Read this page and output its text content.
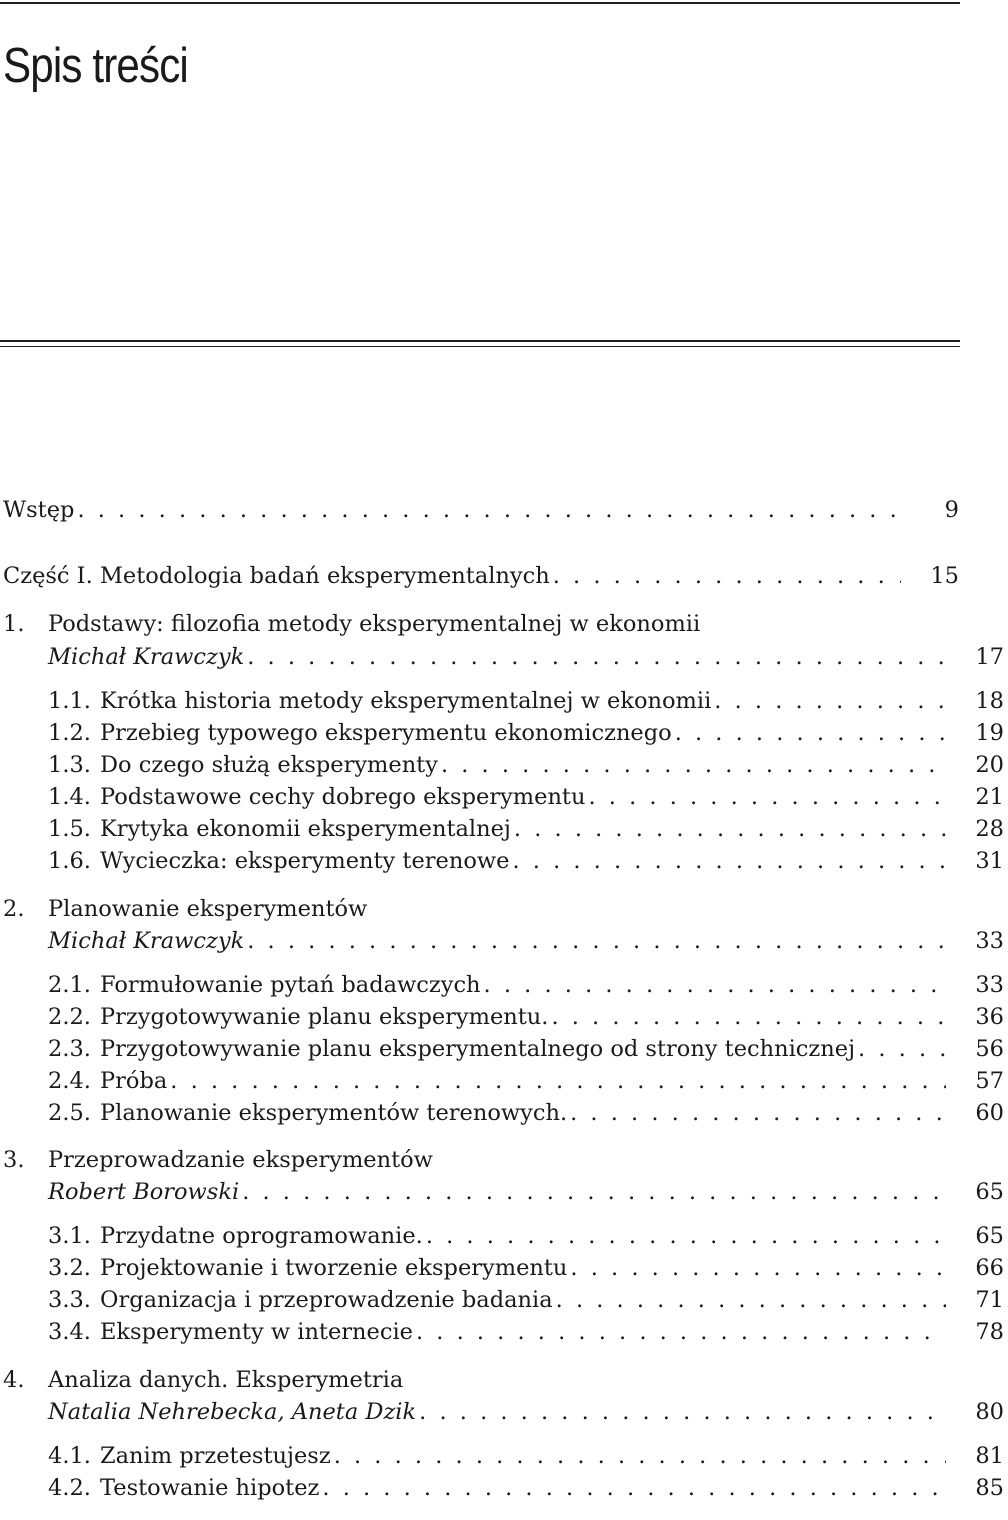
Spis treści
Wstęp . . .	9
Część I. Metodologia badań eksperymentalnych . . .	15
1.	Podstawy: filozofia metody eksperymentalnej w ekonomii
Michał Krawczyk . . .	17
1.1. Krótka historia metody eksperymentalnej w ekonomii . . .	18
1.2. Przebieg typowego eksperymentu ekonomicznego . . .	19
1.3. Do czego służą eksperymenty . . .	20
1.4. Podstawowe cechy dobrego eksperymentu . . .	21
1.5. Krytyka ekonomii eksperymentalnej . . .	28
1.6. Wycieczka: eksperymenty terenowe . . .	31
2.	Planowanie eksperymentów
Michał Krawczyk . . .	33
2.1. Formułowanie pytań badawczych . . .	33
2.2. Przygotowywanie planu eksperymentu. . . .	36
2.3. Przygotowywanie planu eksperymentalnego od strony technicznej . . .	56
2.4. Próba . . .	57
2.5. Planowanie eksperymentów terenowych. . . .	60
3.	Przeprowadzanie eksperymentów
Robert Borowski . . .	65
3.1. Przydatne oprogramowanie. . . .	65
3.2. Projektowanie i tworzenie eksperymentu . . .	66
3.3. Organizacja i przeprowadzenie badania . . .	71
3.4. Eksperymenty w internecie . . .	78
4.	Analiza danych. Eksperymetria
Natalia Nehrebecka, Aneta Dzik . . .	80
4.1. Zanim przetestujesz . . .	81
4.2. Testowanie hipotez . . .	85
